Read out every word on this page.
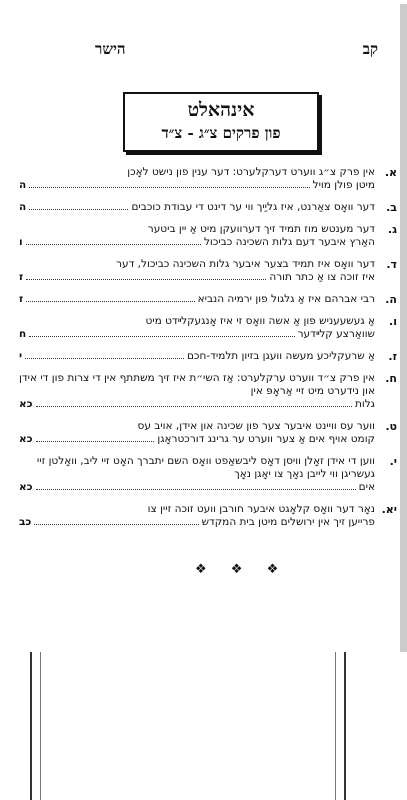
קב
הישר
אינהאלט
פון פרקים צ״ג - צ״ד
א.
אין פרק צ״ג ווערט דערקלערט: דער ענין פון נישט לאָכן
מיטן פולן מויל
ה
ב.
דער וואָס צאַרנט, איז גליַיך ווי ער דינט די עבודת כוכבים
ה
ג.
דער מענטש מוז תמיד זיך דערוועקן מיט אַ יין ביטער
האַרץ איבער דעם גלות השכינה כביכול
ו
ד.
דער וואָס איז תמיד בצער איבער גלות השכינה כביכול, דער
איז זוכה צו אַ כתר תורה
ז
ה.
רבי אברהם איז אַ גלגול פון ירמיה הנביא
ז
ו.
אַ געשעעניש פון אַ אשה וואָס זי איז אָנגעקלײדט מיט
שוואַרצע קלײדער
ח
ז.
אַ שרעקליכע מעשה וועגן בזיון תלמיד-חכם
י
ח.
אין פרק צ״ד ווערט ערקלערט: אַז השי״ת איז זיך משתתף אין די צרות פון די אידן און נידערט מיט זיי אַראָפּ אין
גלות
כא
ט.
ווער עס וויינט איבער צער פון שכינה און אידן, אויב עס
קומט אויף אים אַ צער ווערט ער גרינג דורכטראָגן
כא
י.
ווען די אידן זאָלן וויסן דאָס ליבשאַפט וואָס השם יתברך האָט זיי ליב, וואָלטן זיי געשריגן ווי לייבן נאָך צו יאָגן נאָך
אים
כא
יא.
נאָר דער וואָס קלאָגט איבער חורבן וועט זוכה זיין צו
פרייען זיך אין ירושלים מיטן בית המקדש
כב
❖ ❖ ❖
